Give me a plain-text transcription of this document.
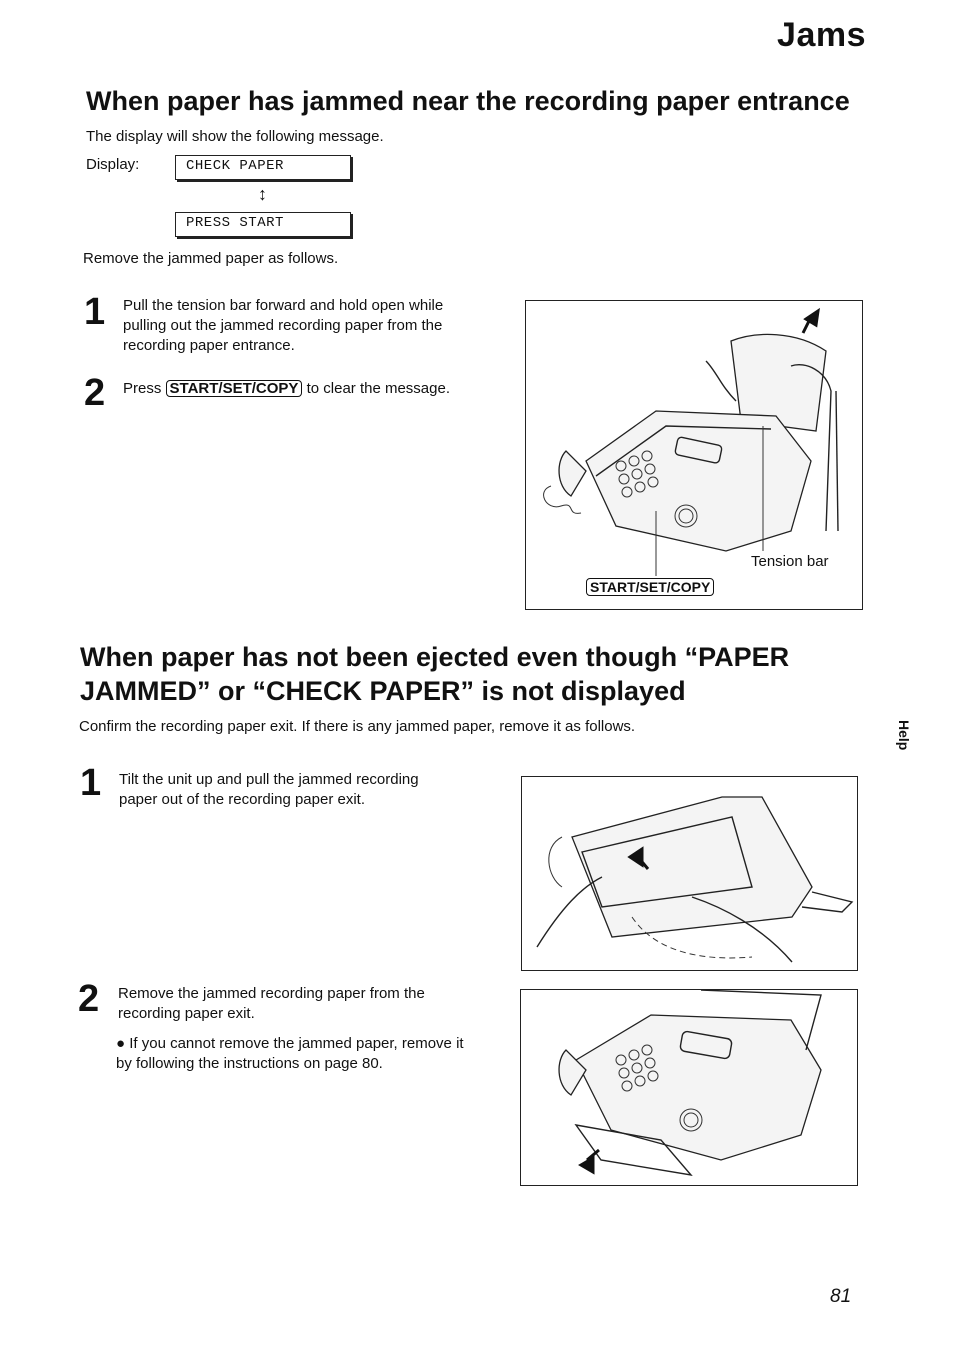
Jams
When paper has jammed near the recording paper entrance
The display will show the following message.
Display:	CHECK PAPER
↕
PRESS START
Remove the jammed paper as follows.
1 Pull the tension bar forward and hold open while pulling out the jammed recording paper from the recording paper entrance.
2 Press START/SET/COPY to clear the message.
Tension bar
START/SET/COPY
When paper has not been ejected even though “PAPER JAMMED” or “CHECK PAPER” is not displayed
Confirm the recording paper exit. If there is any jammed paper, remove it as follows.
1 Tilt the unit up and pull the jammed recording paper out of the recording paper exit.
2 Remove the jammed recording paper from the recording paper exit.
● If you cannot remove the jammed paper, remove it by following the instructions on page 80.
Help
81
